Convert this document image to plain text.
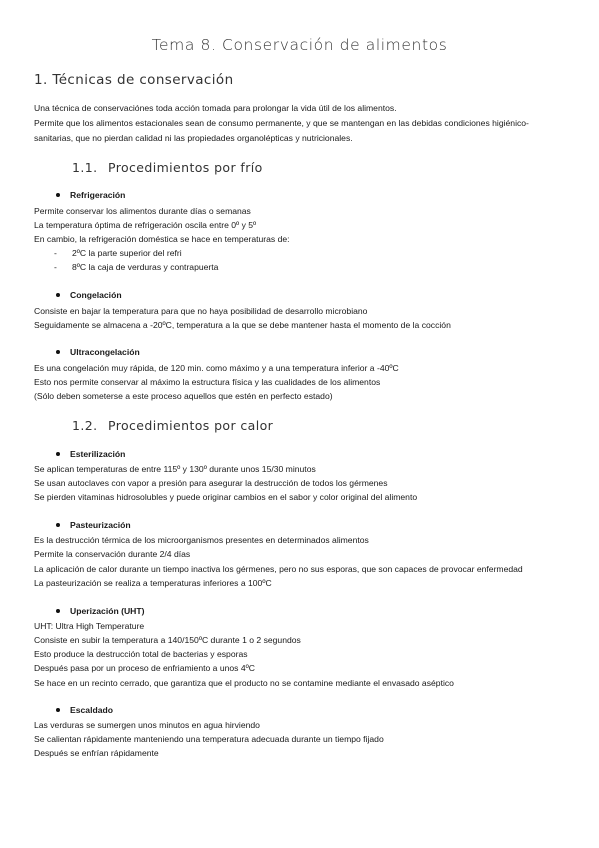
Tema 8. Conservación de alimentos
1. Técnicas de conservación
Una técnica de conservaciónes toda acción tomada para prolongar la vida útil de los alimentos.
Permite que los alimentos estacionales sean de consumo permanente, y que se mantengan en las debidas condiciones higiénico-
sanitarias, que no pierdan calidad ni las propiedades organolépticas y nutricionales.
1.1. Procedimientos por frío
Refrigeración
Permite conservar los alimentos durante días o semanas
La temperatura óptima de refrigeración oscila entre 0º y 5º
En cambio, la refrigeración doméstica se hace en temperaturas de:
- 2ºC la parte superior del refri
- 8ºC la caja de verduras y contrapuerta
Congelación
Consiste en bajar la temperatura para que no haya posibilidad de desarrollo microbiano
Seguidamente se almacena a -20ºC, temperatura a la que se debe mantener hasta el momento de la cocción
Ultracongelación
Es una congelación muy rápida, de 120 min. como máximo y a una temperatura inferior a -40ºC
Esto nos permite conservar al máximo la estructura física y las cualidades de los alimentos
(Sólo deben someterse a este proceso aquellos que estén en perfecto estado)
1.2. Procedimientos por calor
Esterilización
Se aplican temperaturas de entre 115º y 130º durante unos 15/30 minutos
Se usan autoclaves con vapor a presión para asegurar la destrucción de todos los gérmenes
Se pierden vitaminas hidrosolubles y puede originar cambios en el sabor y color original del alimento
Pasteurización
Es la destrucción térmica de los microorganismos presentes en determinados alimentos
Permite la conservación durante 2/4 días
La aplicación de calor durante un tiempo inactiva los gérmenes, pero no sus esporas, que son capaces de provocar enfermedad
La pasteurización se realiza a temperaturas inferiores a 100ºC
Uperización (UHT)
UHT: Ultra High Temperature
Consiste en subir la temperatura a 140/150ºC durante 1 o 2 segundos
Esto produce la destrucción total de bacterias y esporas
Después pasa por un proceso de enfriamiento a unos 4ºC
Se hace en un recinto cerrado, que garantiza que el producto no se contamine mediante el envasado aséptico
Escaldado
Las verduras se sumergen unos minutos en agua hirviendo
Se calientan rápidamente manteniendo una temperatura adecuada durante un tiempo fijado
Después se enfrían rápidamente
